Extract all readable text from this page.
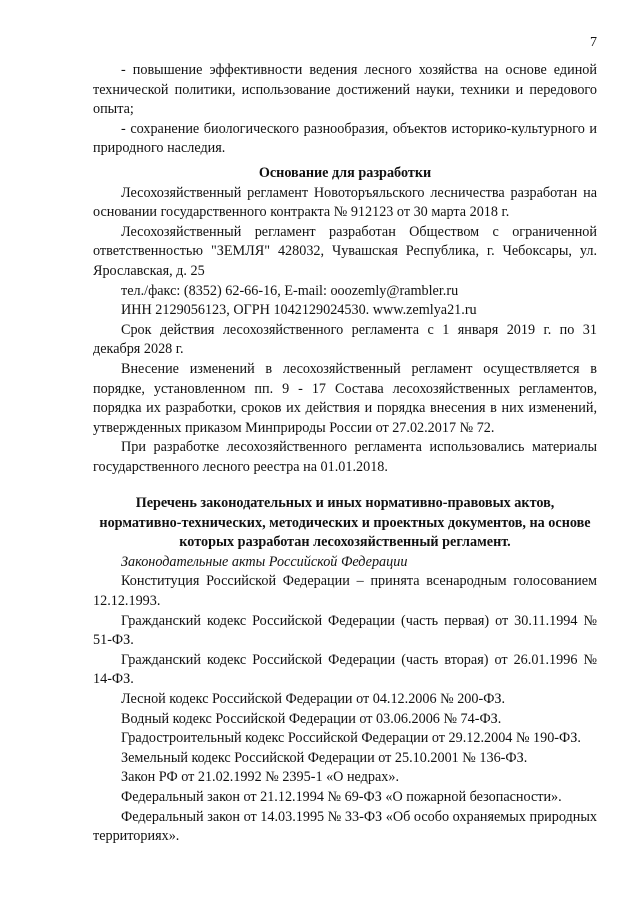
7

- повышение эффективности ведения лесного хозяйства на основе единой технической политики, использование достижений науки, техники и передового опыта;

- сохранение биологического разнообразия, объектов историко-культурного и природного наследия.

Основание для разработки

Лесохозяйственный регламент Новоторъяльского лесничества разработан на основании государственного контракта № 912123 от 30 марта 2018 г.

Лесохозяйственный регламент разработан Обществом с ограниченной ответственностью "ЗЕМЛЯ" 428032, Чувашская Республика, г. Чебоксары, ул. Ярославская, д. 25

тел./факс: (8352) 62-66-16, E-mail: ooozemly@rambler.ru

ИНН 2129056123, ОГРН 1042129024530. www.zemlya21.ru

Срок действия лесохозяйственного регламента с 1 января 2019 г. по 31 декабря 2028 г.

Внесение изменений в лесохозяйственный регламент осуществляется в порядке, установленном пп. 9 - 17 Состава лесохозяйственных регламентов, порядка их разработки, сроков их действия и порядка внесения в них изменений, утвержденных приказом Минприроды России от 27.02.2017 № 72.

При разработке лесохозяйственного регламента использовались материалы государственного лесного реестра на 01.01.2018.

Перечень законодательных и иных нормативно-правовых актов, нормативно-технических, методических и проектных документов, на основе которых разработан лесохозяйственный регламент.

Законодательные акты Российской Федерации

Конституция Российской Федерации – принята всенародным голосованием 12.12.1993.

Гражданский кодекс Российской Федерации (часть первая) от 30.11.1994 № 51-ФЗ.

Гражданский кодекс Российской Федерации (часть вторая) от 26.01.1996 № 14-ФЗ.

Лесной кодекс Российской Федерации от 04.12.2006 № 200-ФЗ.

Водный кодекс Российской Федерации от 03.06.2006 № 74-ФЗ.

Градостроительный кодекс Российской Федерации от 29.12.2004 № 190-ФЗ.

Земельный кодекс Российской Федерации от 25.10.2001 № 136-ФЗ.

Закон РФ от 21.02.1992 № 2395-1 «О недрах».

Федеральный закон от 21.12.1994 № 69-ФЗ «О пожарной безопасности».

Федеральный закон от 14.03.1995 № 33-ФЗ «Об особо охраняемых природных территориях».
